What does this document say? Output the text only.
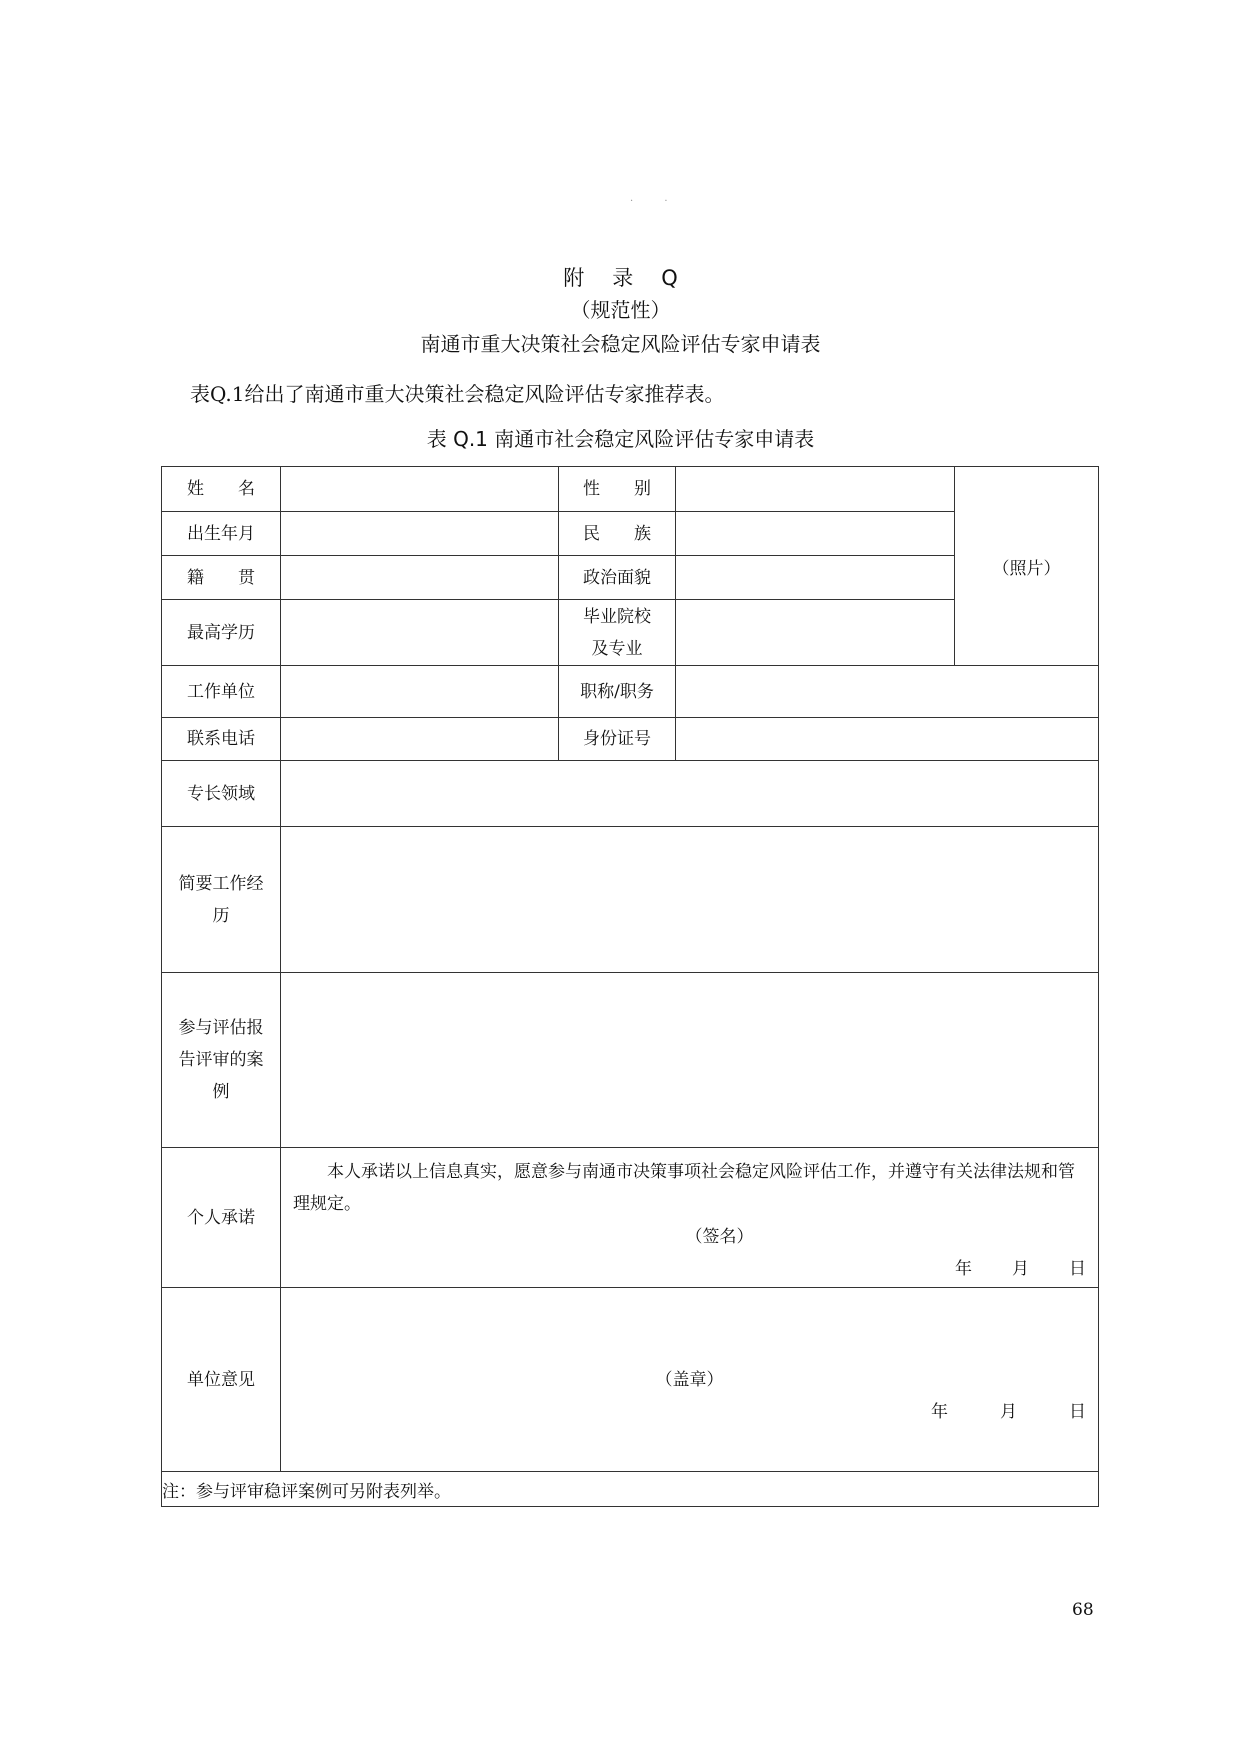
· ·
附 录 Q
（规范性）
南通市重大决策社会稳定风险评估专家申请表
表Q.1给出了南通市重大决策社会稳定风险评估专家推荐表。
表 Q.1 南通市社会稳定风险评估专家申请表
姓　　名		性　　别		（照片）
出生年月		民　　族		
籍　　贯		政治面貌		
最高学历		毕业院校
及专业		

工作单位		职称/职务		
联系电话		身份证号		
专长领域				

简要工作经
历				

参与评估报
告评审的案
例				

个人承诺	本人承诺以上信息真实，愿意参与南通市决策事项社会稳定风险评估工作，并遵守有关法律法规和管理规定。
（签名）
年 月 日			

单位意见	（盖章）
年 月 日			

注：参与评审稳评案例可另附表列举。				
68
